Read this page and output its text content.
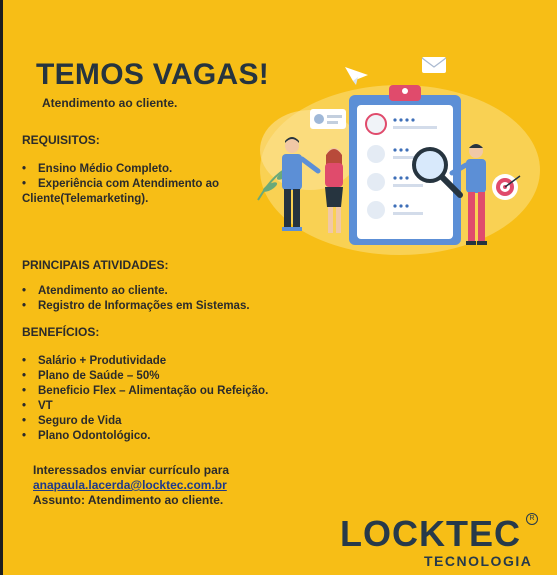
TEMOS VAGAS!
Atendimento ao cliente.
REQUISITOS:
• Ensino Médio Completo.
• Experiência com Atendimento ao
Cliente(Telemarketing).
PRINCIPAIS ATIVIDADES:
• Atendimento ao cliente.
• Registro de Informações em Sistemas.
BENEFÍCIOS:
• Salário + Produtividade
• Plano de Saúde – 50%
• Beneficio Flex – Alimentação ou Refeição.
• VT
• Seguro de Vida
• Plano Odontológico.
Interessados enviar currículo para
anapaula.lacerda@locktec.com.br
Assunto: Atendimento ao cliente.
LOCKTEC	R
TECNOLOGIA
